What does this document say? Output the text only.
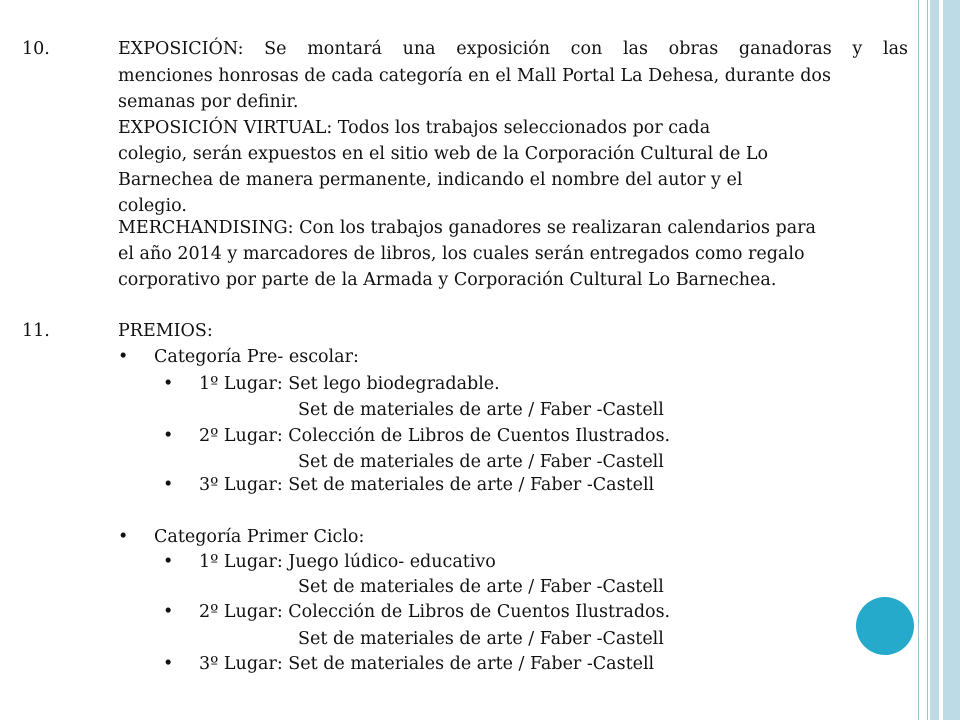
10.	EXPOSICIÓN: Se montará una exposición con las obras ganadoras y las
menciones honrosas de cada categoría en el Mall Portal La Dehesa, durante dos
semanas por definir.
EXPOSICIÓN VIRTUAL: Todos los trabajos seleccionados por cada
colegio, serán expuestos en el sitio web de la Corporación Cultural de Lo
Barnechea de manera permanente, indicando el nombre del autor y el
colegio.
MERCHANDISING: Con los trabajos ganadores se realizaran calendarios para
el año 2014 y marcadores de libros, los cuales serán entregados como regalo
corporativo por parte de la Armada y Corporación Cultural Lo Barnechea.
11.	PREMIOS:
• Categoría Pre- escolar:
• 1º Lugar: Set lego biodegradable.
Set de materiales de arte / Faber -Castell
• 2º Lugar: Colección de Libros de Cuentos Ilustrados.
Set de materiales de arte / Faber -Castell
• 3º Lugar: Set de materiales de arte / Faber -Castell
• Categoría Primer Ciclo:
• 1º Lugar: Juego lúdico- educativo
Set de materiales de arte / Faber -Castell
• 2º Lugar: Colección de Libros de Cuentos Ilustrados.
Set de materiales de arte / Faber -Castell
• 3º Lugar: Set de materiales de arte / Faber -Castell
